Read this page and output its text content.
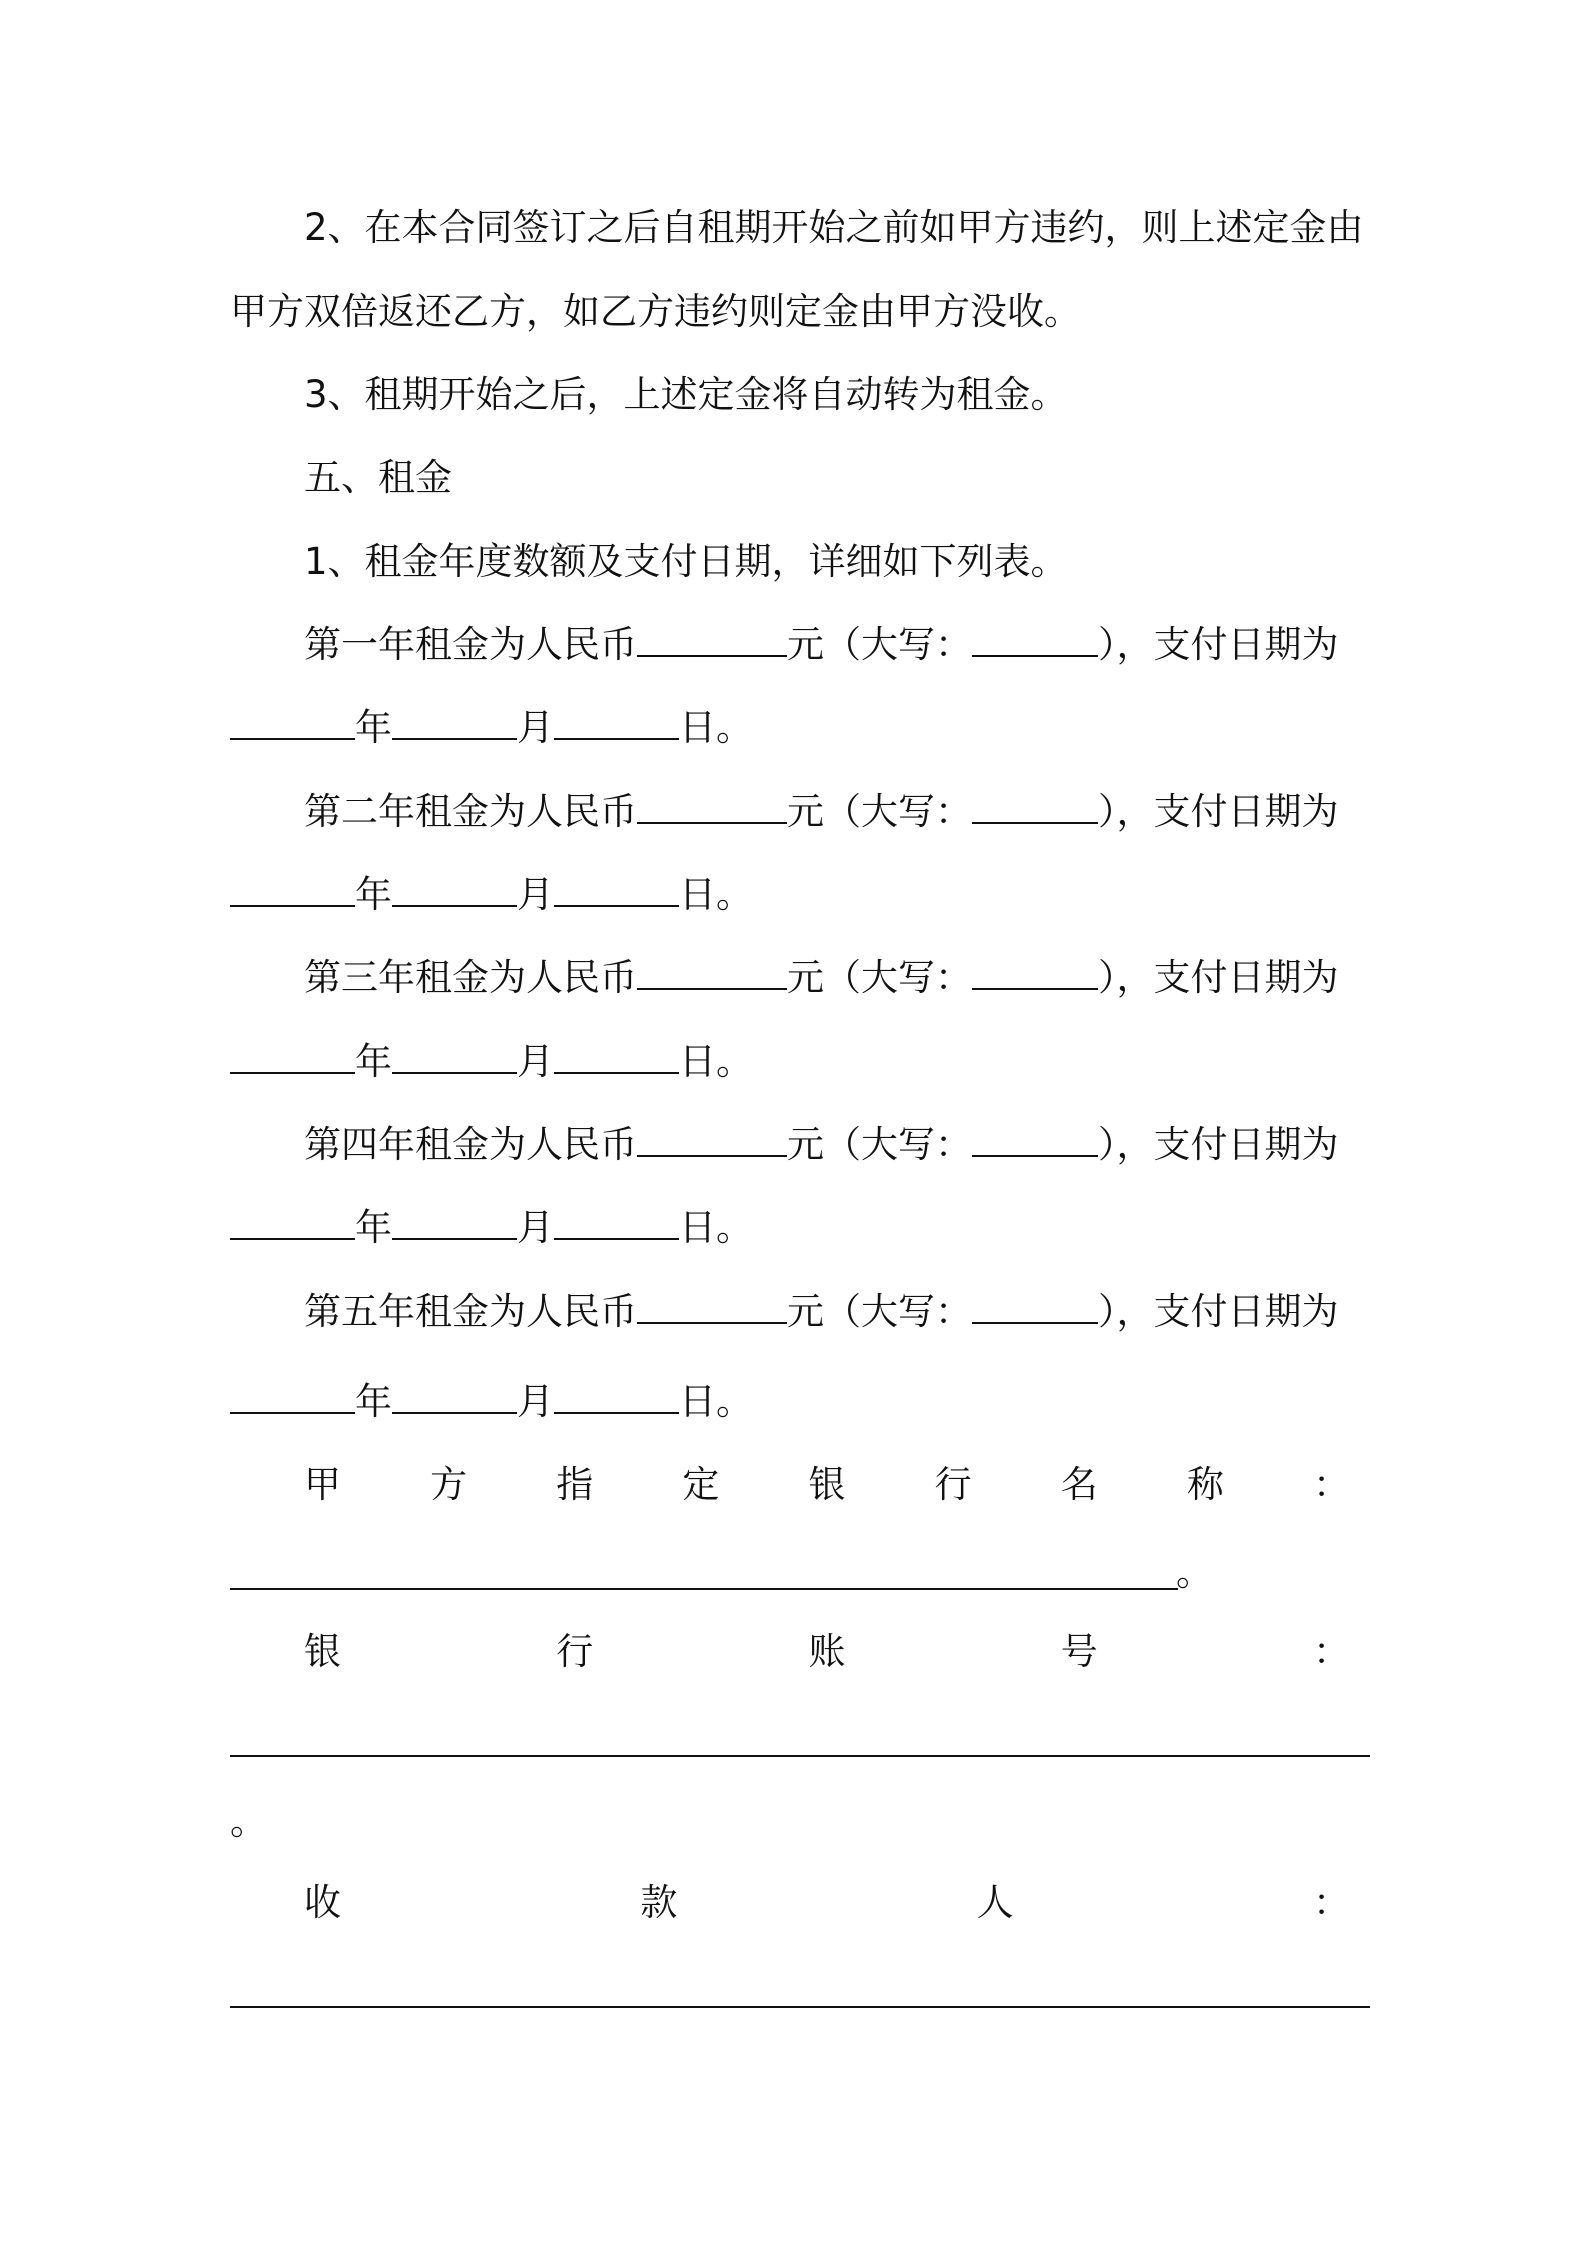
2、在本合同签订之后自租期开始之前如甲方违约，则上述定金由
甲方双倍返还乙方，如乙方违约则定金由甲方没收。
3、租期开始之后，上述定金将自动转为租金。
五、租金
1、租金年度数额及支付日期，详细如下列表。
第一年租金为人民币	元（大写：	），支付日期为
年	月	日。
第二年租金为人民币	元（大写：	），支付日期为
年	月	日。
第三年租金为人民币	元（大写：	），支付日期为
年	月	日。
第四年租金为人民币	元（大写：	），支付日期为
年	月	日。
第五年租金为人民币	元（大写：	），支付日期为
年	月	日。
甲 方 指 定 银 行 名 称 ：
。
银	行	账	号	：
。
收	款	人	：
